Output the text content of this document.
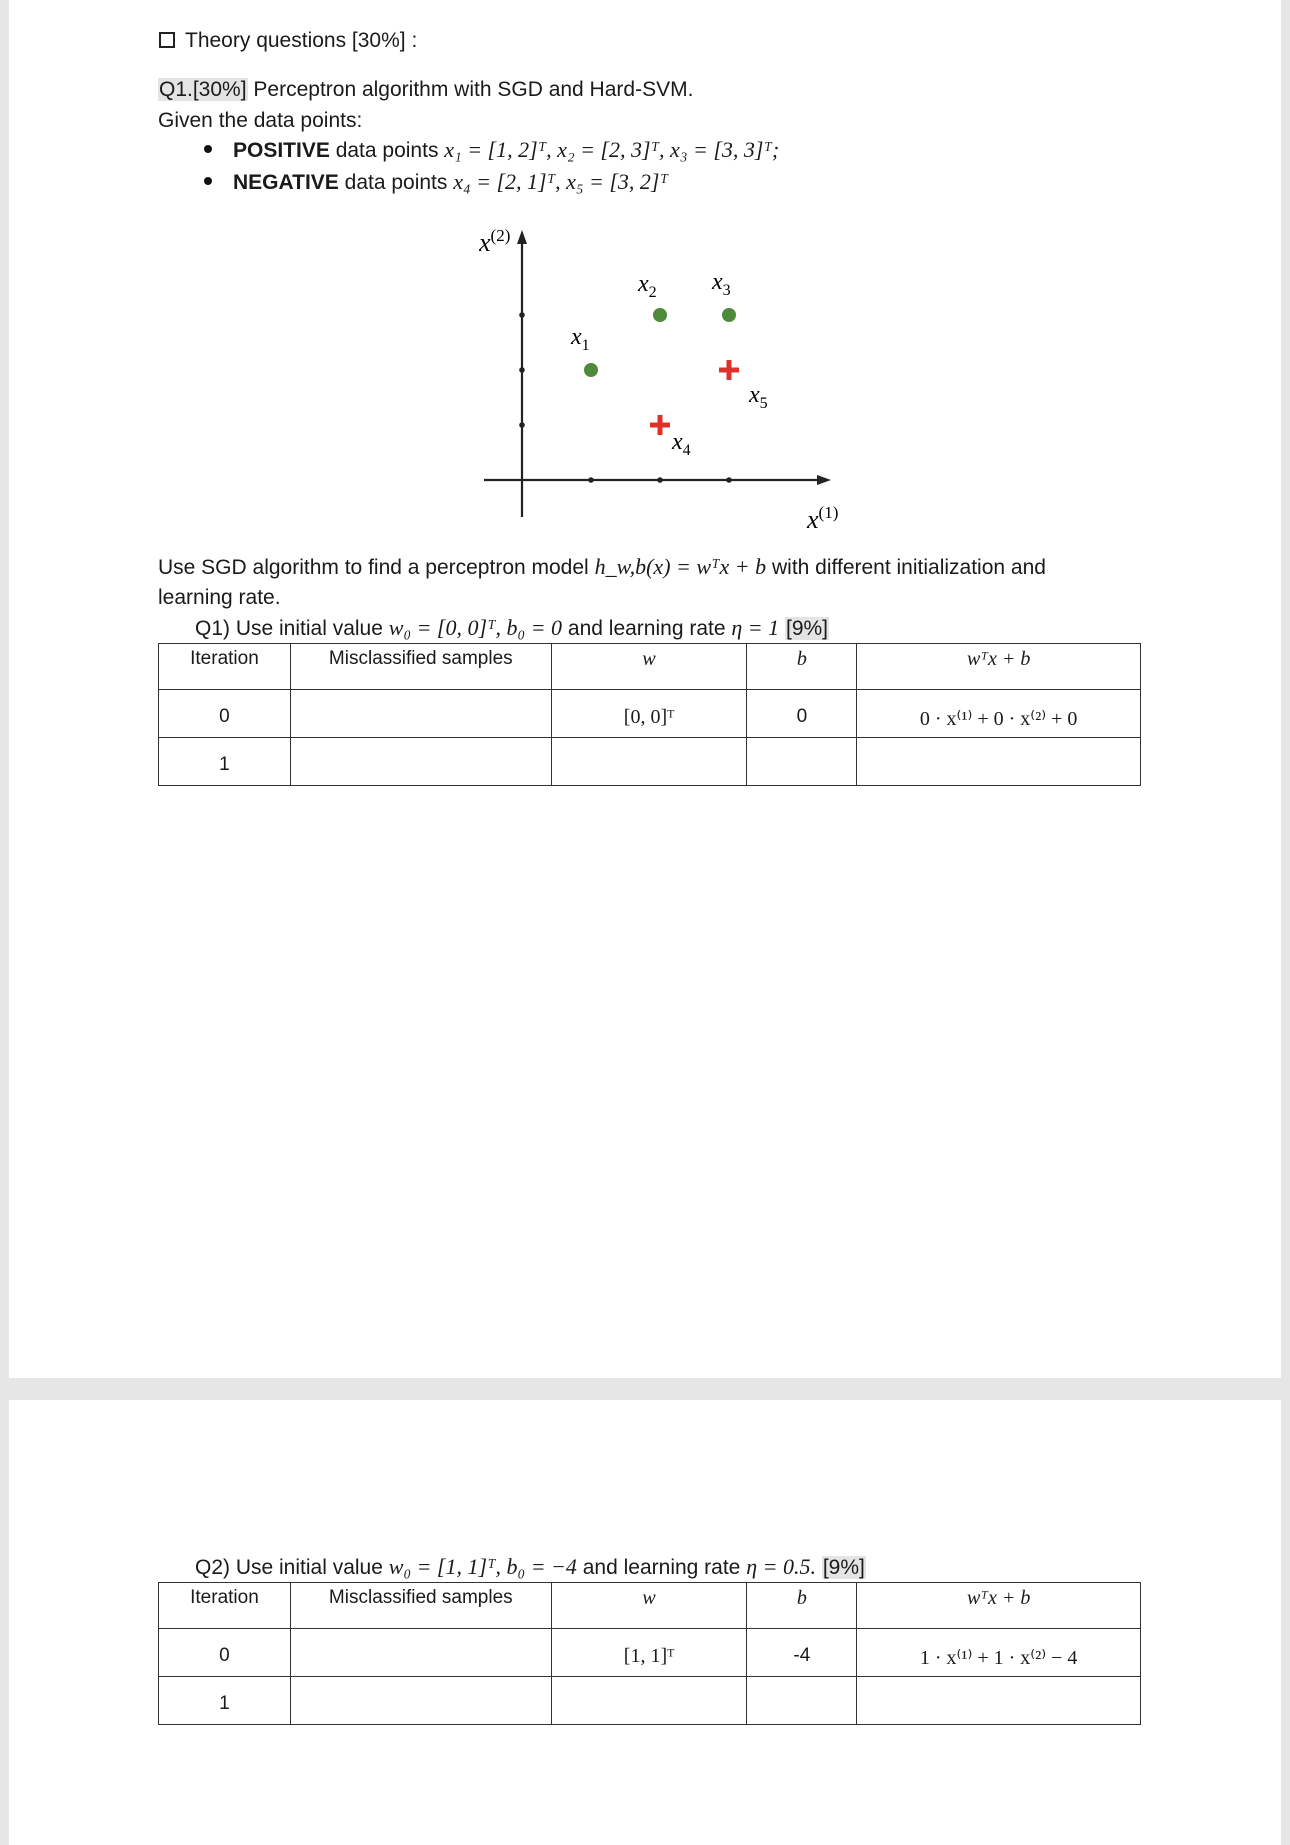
Theory questions [30%] :
Q1.[30%] Perceptron algorithm with SGD and Hard-SVM.
Given the data points:
POSITIVE data points x₁ = [1, 2]ᵀ, x₂ = [2, 3]ᵀ, x₃ = [3, 3]ᵀ;
NEGATIVE data points x₄ = [2, 1]ᵀ, x₅ = [3, 2]ᵀ
$x^{(2)}$
$x^{(1)}$
$x_1$
$x_2$ $x_3$
$x_4$
$x_5$
Use SGD algorithm to find a perceptron model h_w,b(x) = wᵀx + b with different initialization and
learning rate.
Q1) Use initial value w₀ = [0, 0]ᵀ, b₀ = 0 and learning rate η = 1 [9%]
Iteration	Misclassified samples	w	b	wᵀx + b

0		[0, 0]ᵀ	0	0 · x⁽¹⁾ + 0 · x⁽²⁾ + 0

1				

Q2) Use initial value w₀ = [1, 1]ᵀ, b₀ = −4 and learning rate η = 0.5. [9%]
Iteration	Misclassified samples	w	b	wᵀx + b

0		[1, 1]ᵀ	-4	1 · x⁽¹⁾ + 1 · x⁽²⁾ − 4

1				
